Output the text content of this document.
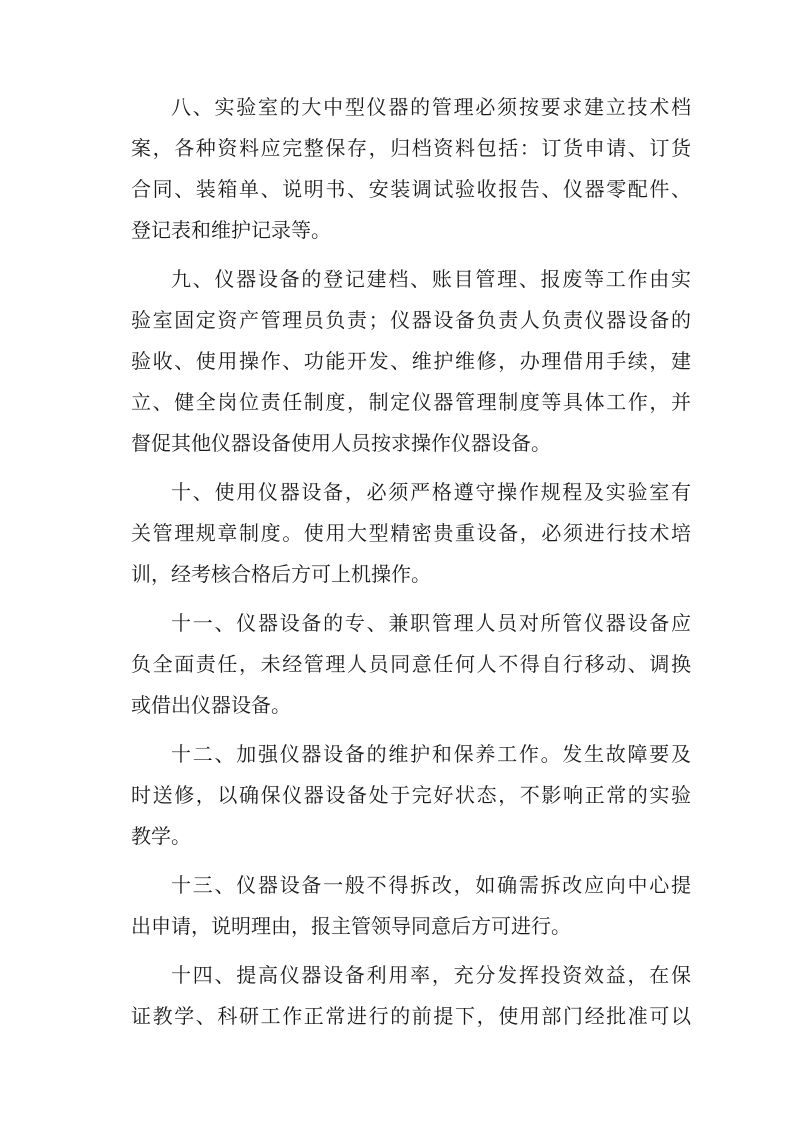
八、实验室的大中型仪器的管理必须按要求建立技术档
案，各种资料应完整保存，归档资料包括：订货申请、订货
合同、装箱单、说明书、安装调试验收报告、仪器零配件、
登记表和维护记录等。
九、仪器设备的登记建档、账目管理、报废等工作由实
验室固定资产管理员负责；仪器设备负责人负责仪器设备的
验收、使用操作、功能开发、维护维修，办理借用手续，建
立、健全岗位责任制度，制定仪器管理制度等具体工作，并
督促其他仪器设备使用人员按求操作仪器设备。
十、使用仪器设备，必须严格遵守操作规程及实验室有
关管理规章制度。使用大型精密贵重设备，必须进行技术培
训，经考核合格后方可上机操作。
十一、仪器设备的专、兼职管理人员对所管仪器设备应
负全面责任，未经管理人员同意任何人不得自行移动、调换
或借出仪器设备。
十二、加强仪器设备的维护和保养工作。发生故障要及
时送修，以确保仪器设备处于完好状态，不影响正常的实验
教学。
十三、仪器设备一般不得拆改，如确需拆改应向中心提
出申请，说明理由，报主管领导同意后方可进行。
十四、提高仪器设备利用率，充分发挥投资效益，在保
证教学、科研工作正常进行的前提下，使用部门经批准可以
